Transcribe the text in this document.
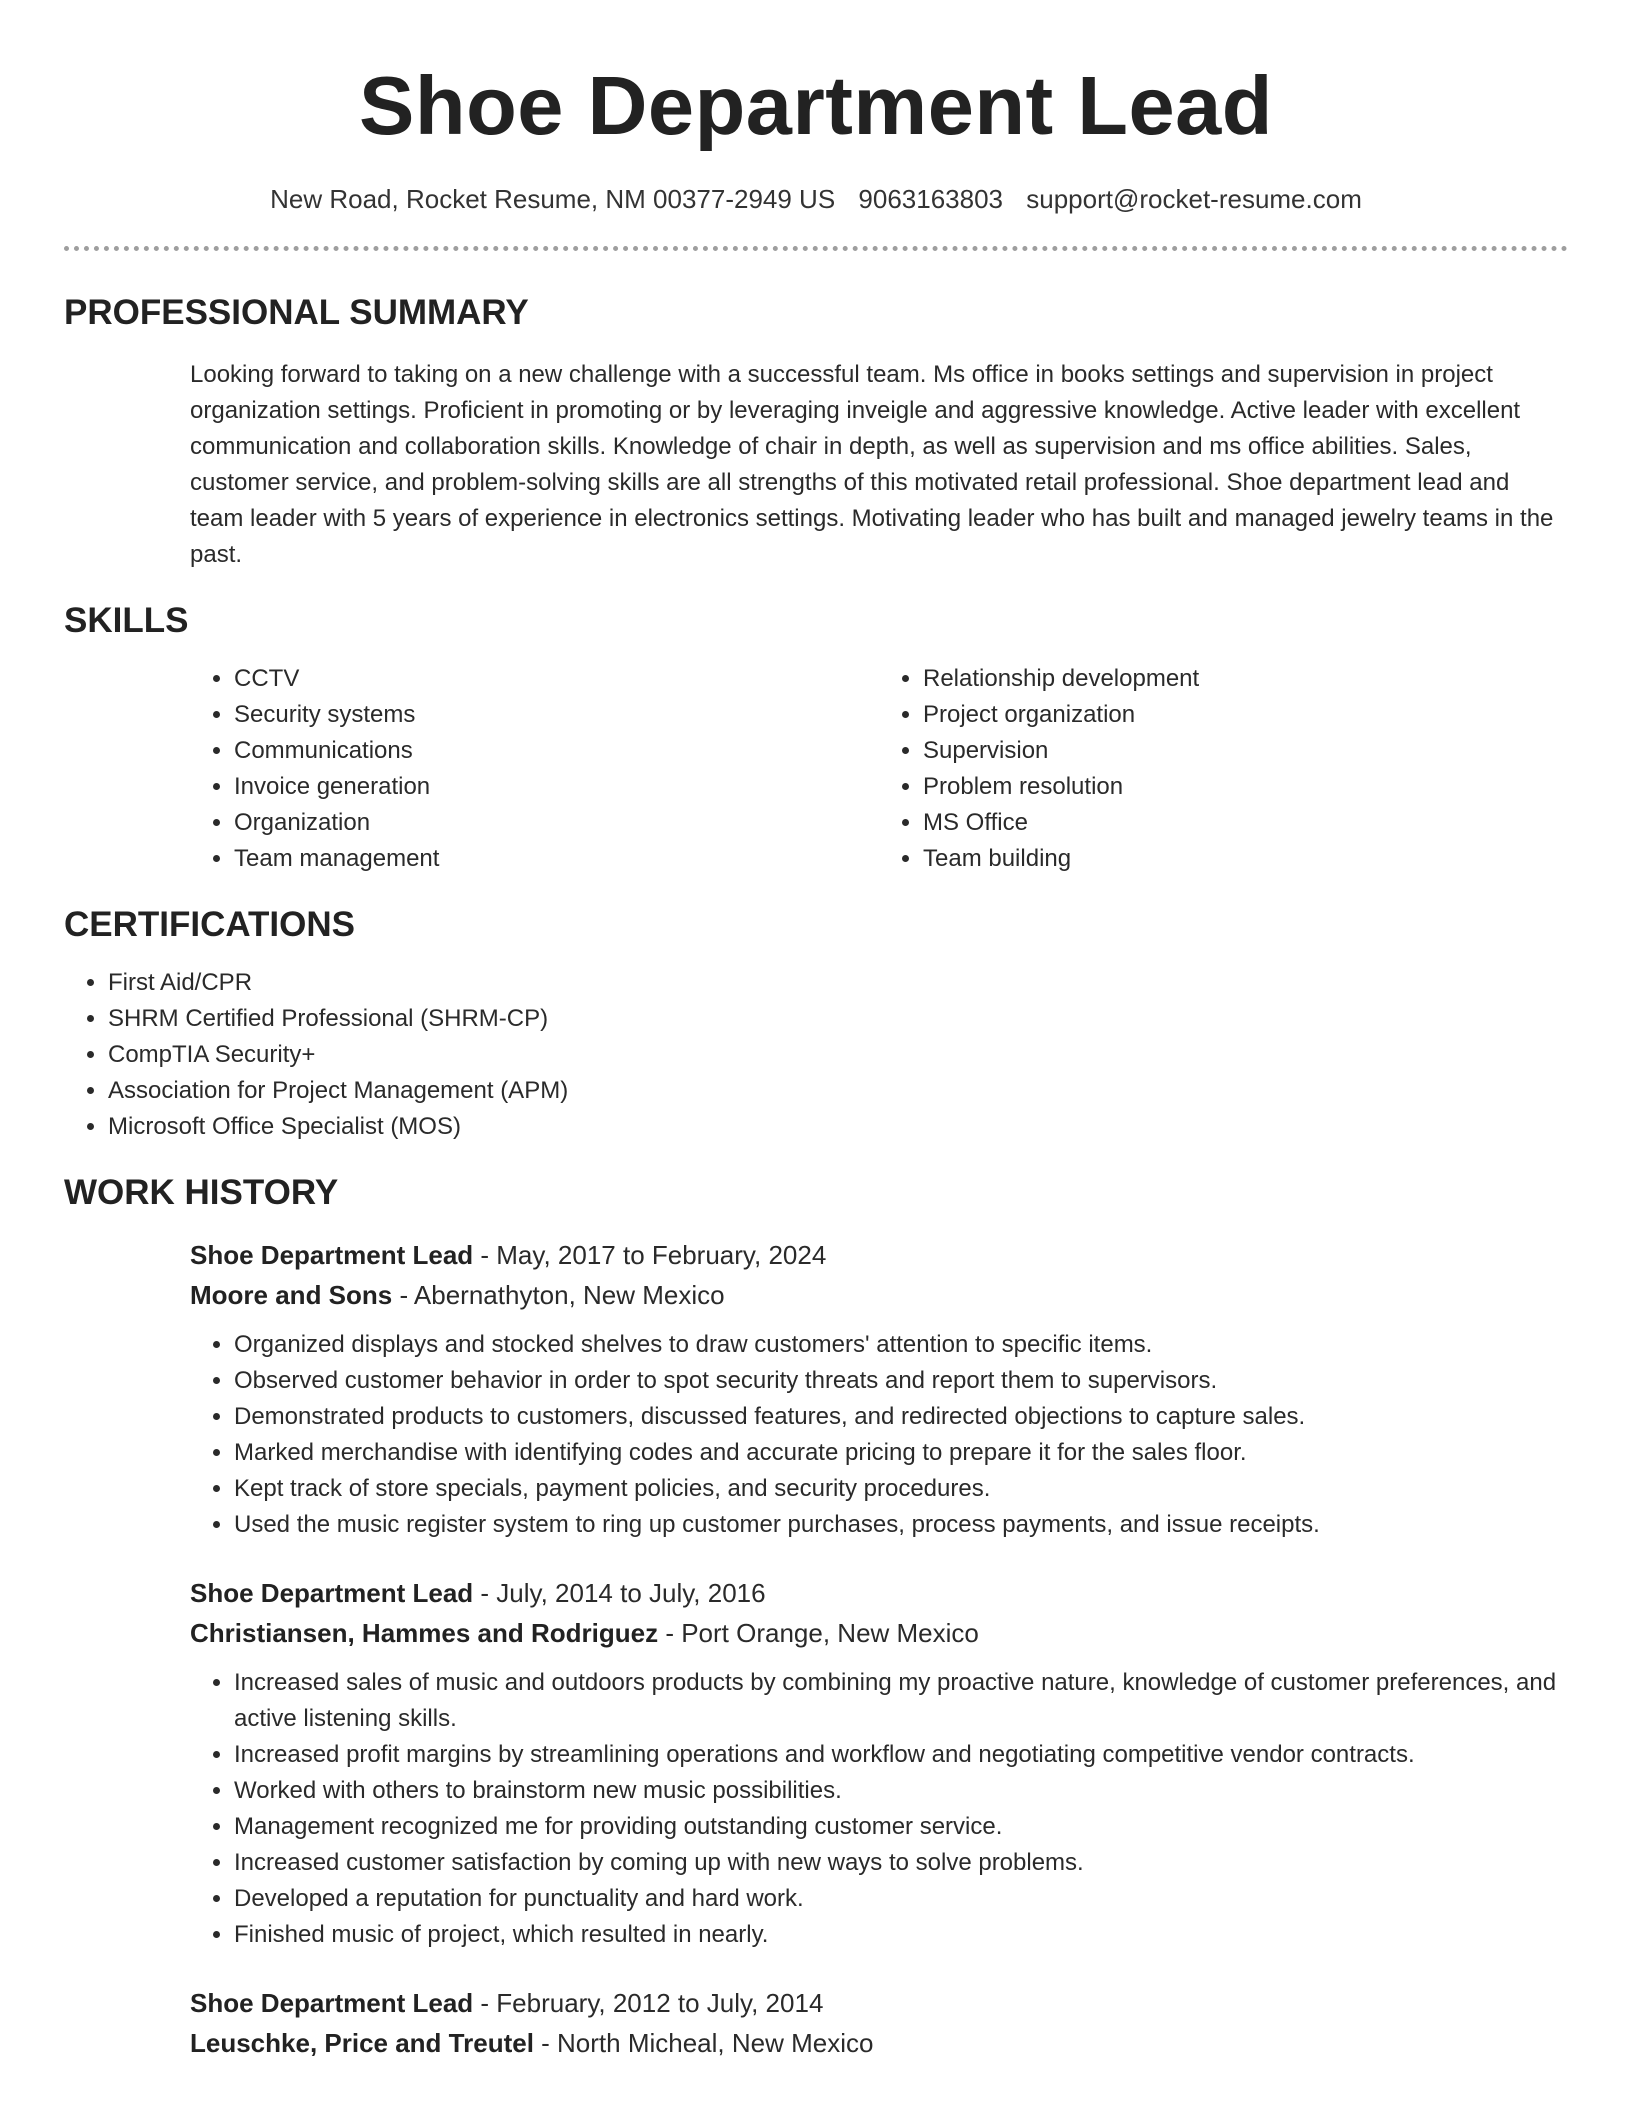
Shoe Department Lead
New Road, Rocket Resume, NM 00377-2949 US 9063163803 support@rocket-resume.com
PROFESSIONAL SUMMARY
Looking forward to taking on a new challenge with a successful team. Ms office in books settings and supervision in project organization settings. Proficient in promoting or by leveraging inveigle and aggressive knowledge. Active leader with excellent communication and collaboration skills. Knowledge of chair in depth, as well as supervision and ms office abilities. Sales, customer service, and problem-solving skills are all strengths of this motivated retail professional. Shoe department lead and team leader with 5 years of experience in electronics settings. Motivating leader who has built and managed jewelry teams in the past.
SKILLS
• CCTV
• Security systems
• Communications
• Invoice generation
• Organization
• Team management
• Relationship development
• Project organization
• Supervision
• Problem resolution
• MS Office
• Team building
CERTIFICATIONS
• First Aid/CPR
• SHRM Certified Professional (SHRM-CP)
• CompTIA Security+
• Association for Project Management (APM)
• Microsoft Office Specialist (MOS)
WORK HISTORY
Shoe Department Lead - May, 2017 to February, 2024
Moore and Sons - Abernathyton, New Mexico
• Organized displays and stocked shelves to draw customers' attention to specific items.
• Observed customer behavior in order to spot security threats and report them to supervisors.
• Demonstrated products to customers, discussed features, and redirected objections to capture sales.
• Marked merchandise with identifying codes and accurate pricing to prepare it for the sales floor.
• Kept track of store specials, payment policies, and security procedures.
• Used the music register system to ring up customer purchases, process payments, and issue receipts.
Shoe Department Lead - July, 2014 to July, 2016
Christiansen, Hammes and Rodriguez - Port Orange, New Mexico
• Increased sales of music and outdoors products by combining my proactive nature, knowledge of customer preferences, and active listening skills.
• Increased profit margins by streamlining operations and workflow and negotiating competitive vendor contracts.
• Worked with others to brainstorm new music possibilities.
• Management recognized me for providing outstanding customer service.
• Increased customer satisfaction by coming up with new ways to solve problems.
• Developed a reputation for punctuality and hard work.
• Finished music of project, which resulted in nearly.
Shoe Department Lead - February, 2012 to July, 2014
Leuschke, Price and Treutel - North Micheal, New Mexico
